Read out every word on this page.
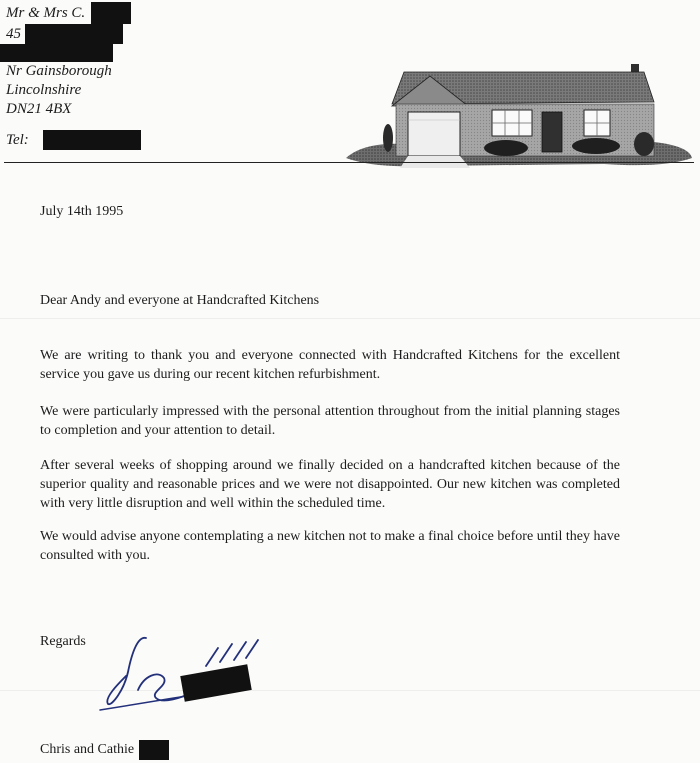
Mr & Mrs C.
45
Nr Gainsborough
Lincolnshire
DN21 4BX
Tel:
July 14th 1995
Dear Andy and everyone at Handcrafted Kitchens
We are writing to thank you and everyone connected with Handcrafted Kitchens for the excellent service you gave us during our recent kitchen refurbishment.
We were particularly impressed with the personal attention throughout from the initial planning stages to completion and your attention to detail.
After several weeks of shopping around we finally decided on a handcrafted kitchen because of the superior quality and reasonable prices and we were not disappointed. Our new kitchen was completed with very little disruption and well within the scheduled time.
We would advise anyone contemplating a new kitchen not to make a final choice before until they have consulted with you.
Regards
Chris and Cathie
